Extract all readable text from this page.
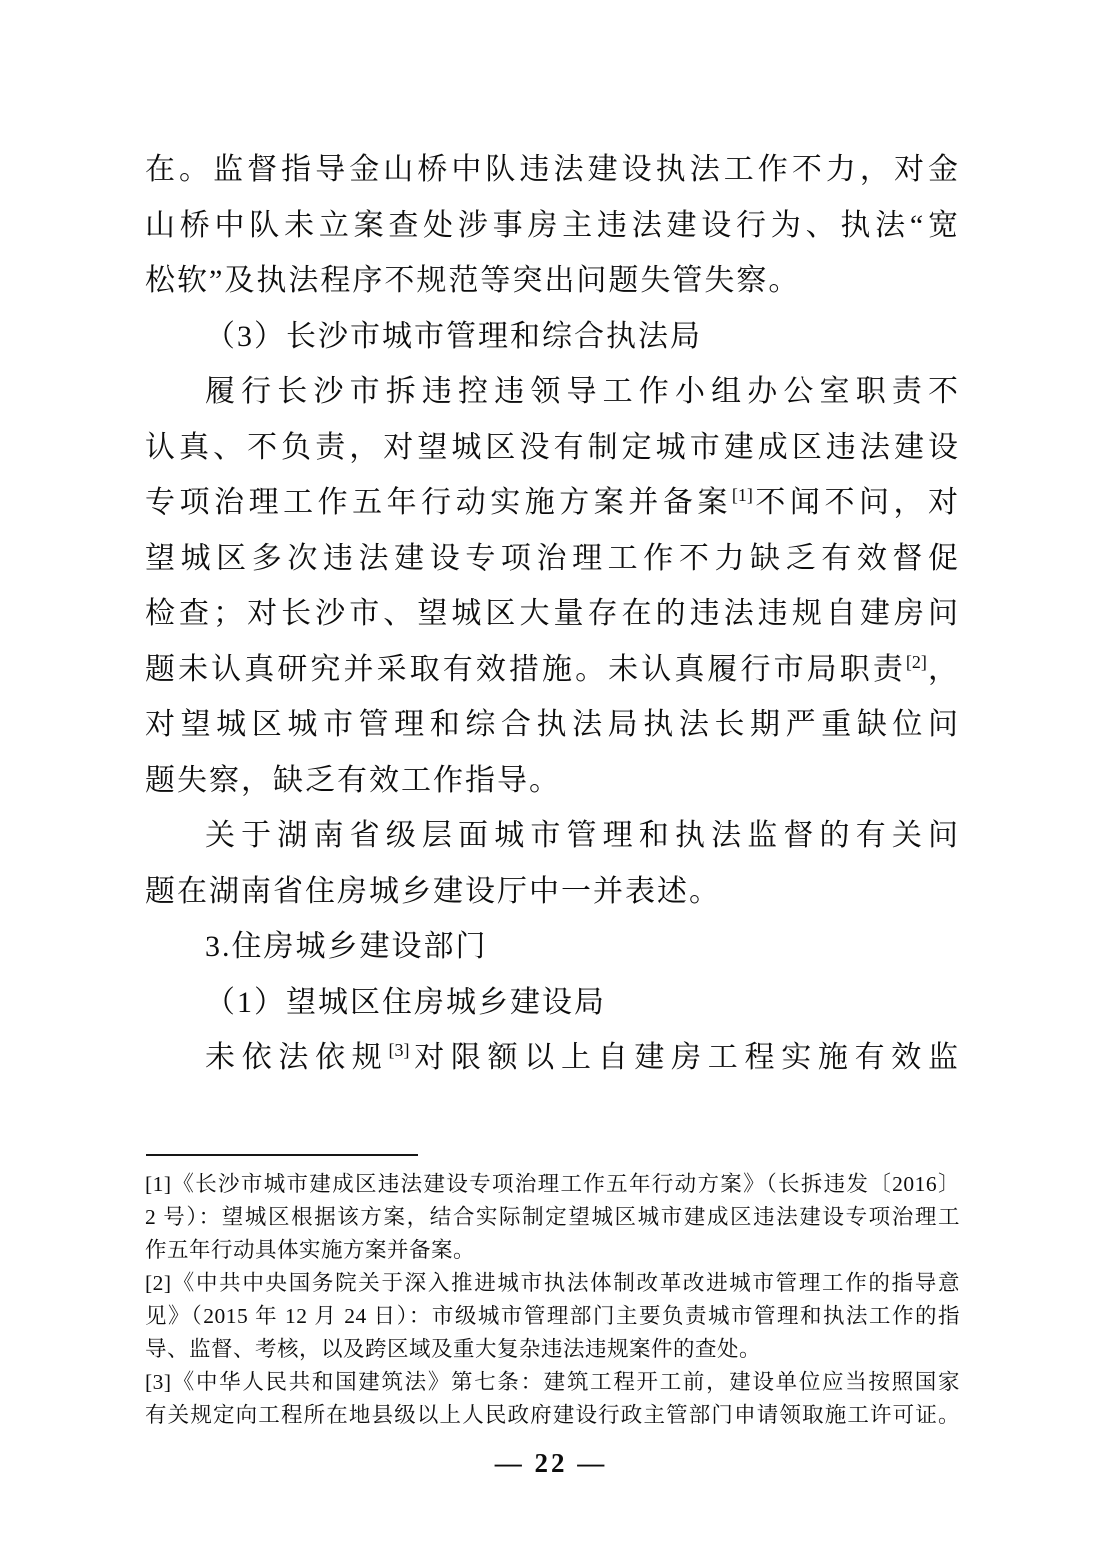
在。监督指导金山桥中队违法建设执法工作不力，对金
山桥中队未立案查处涉事房主违法建设行为、执法“宽
松软”及执法程序不规范等突出问题失管失察。
（3）长沙市城市管理和综合执法局
履行长沙市拆违控违领导工作小组办公室职责不
认真、不负责，对望城区没有制定城市建成区违法建设
专项治理工作五年行动实施方案并备案[1]不闻不问，对
望城区多次违法建设专项治理工作不力缺乏有效督促
检查；对长沙市、望城区大量存在的违法违规自建房问
题未认真研究并采取有效措施。未认真履行市局职责[2]，
对望城区城市管理和综合执法局执法长期严重缺位问
题失察，缺乏有效工作指导。
关于湖南省级层面城市管理和执法监督的有关问
题在湖南省住房城乡建设厅中一并表述。
3.住房城乡建设部门
（1）望城区住房城乡建设局
未依法依规[3]对限额以上自建房工程实施有效监
[1]《长沙市城市建成区违法建设专项治理工作五年行动方案》（长拆违发〔2016〕
2 号）：望城区根据该方案，结合实际制定望城区城市建成区违法建设专项治理工
作五年行动具体实施方案并备案。
[2]《中共中央国务院关于深入推进城市执法体制改革改进城市管理工作的指导意
见》（2015 年 12 月 24 日）：市级城市管理部门主要负责城市管理和执法工作的指
导、监督、考核，以及跨区域及重大复杂违法违规案件的查处。
[3]《中华人民共和国建筑法》第七条：建筑工程开工前，建设单位应当按照国家
有关规定向工程所在地县级以上人民政府建设行政主管部门申请领取施工许可证。
— 22 —
